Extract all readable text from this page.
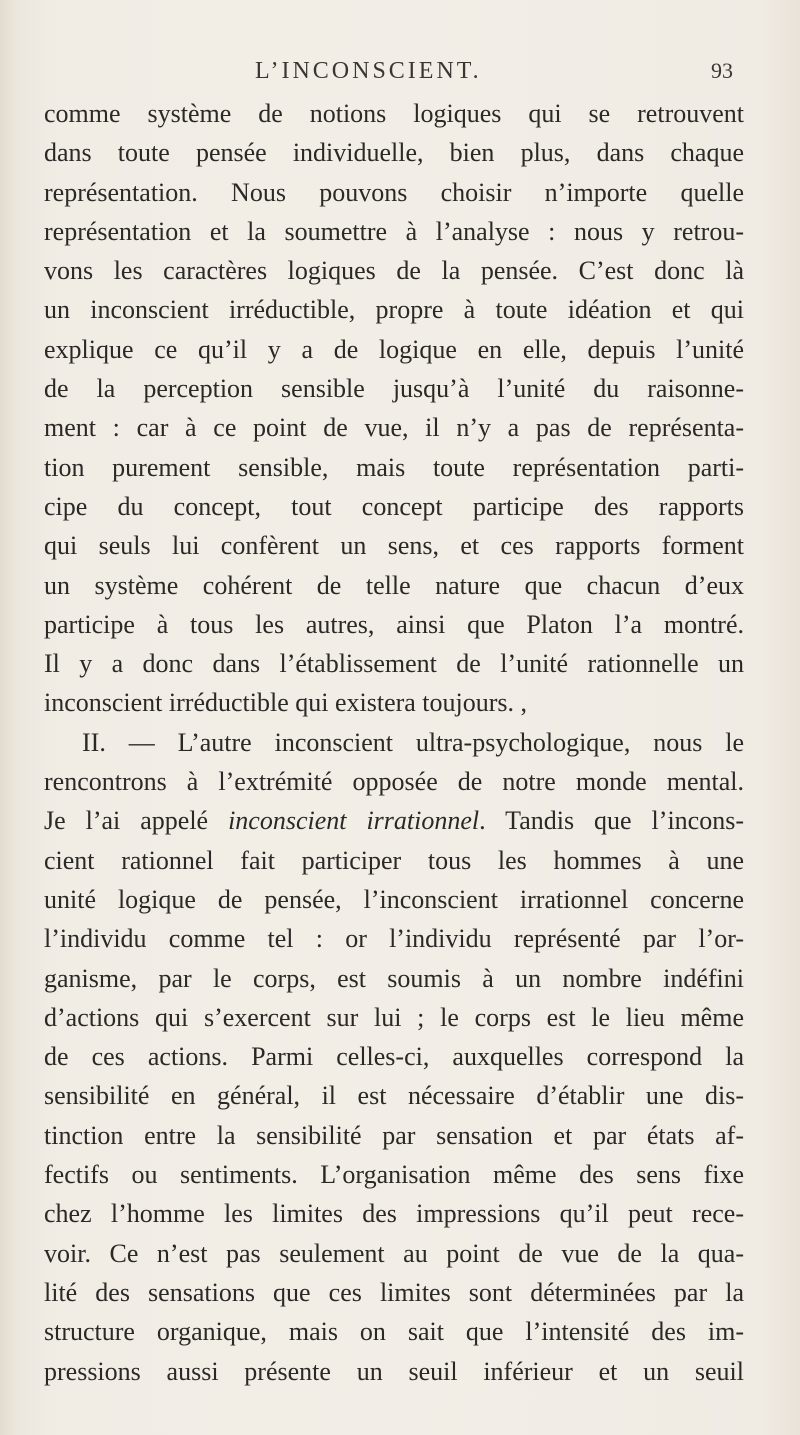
L’INCONSCIENT.	93
comme système de notions logiques qui se retrouvent
dans toute pensée individuelle, bien plus, dans chaque
représentation. Nous pouvons choisir n’importe quelle
représentation et la soumettre à l’analyse : nous y retrou-
vons les caractères logiques de la pensée. C’est donc là
un inconscient irréductible, propre à toute idéation et qui
explique ce qu’il y a de logique en elle, depuis l’unité
de la perception sensible jusqu’à l’unité du raisonne-
ment : car à ce point de vue, il n’y a pas de représenta-
tion purement sensible, mais toute représentation parti-
cipe du concept, tout concept participe des rapports
qui seuls lui confèrent un sens, et ces rapports forment
un système cohérent de telle nature que chacun d’eux
participe à tous les autres, ainsi que Platon l’a montré.
Il y a donc dans l’établissement de l’unité rationnelle un
inconscient irréductible qui existera toujours. ,
II. — L’autre inconscient ultra-psychologique, nous le
rencontrons à l’extrémité opposée de notre monde mental.
Je l’ai appelé inconscient irrationnel. Tandis que l’incons-
cient rationnel fait participer tous les hommes à une
unité logique de pensée, l’inconscient irrationnel concerne
l’individu comme tel : or l’individu représenté par l’or-
ganisme, par le corps, est soumis à un nombre indéfini
d’actions qui s’exercent sur lui ; le corps est le lieu même
de ces actions. Parmi celles-ci, auxquelles correspond la
sensibilité en général, il est nécessaire d’établir une dis-
tinction entre la sensibilité par sensation et par états af-
fectifs ou sentiments. L’organisation même des sens fixe
chez l’homme les limites des impressions qu’il peut rece-
voir. Ce n’est pas seulement au point de vue de la qua-
lité des sensations que ces limites sont déterminées par la
structure organique, mais on sait que l’intensité des im-
pressions aussi présente un seuil inférieur et un seuil
